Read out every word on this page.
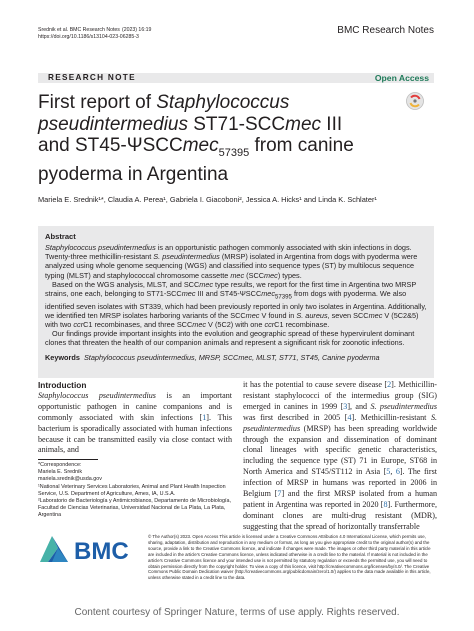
Srednik et al. BMC Research Notes
https://doi.org/10.1186/s13104-023-06285-3
(2023) 16:19	BMC Research Notes
RESEARCH NOTE	Open Access
First report of Staphylococcus
pseudintermedius ST71-SCCmec III
and ST45-ΨSCCmec$_{57395}$ from canine
pyoderma in Argentina
Mariela E. Srednik¹*, Claudia A. Perea¹, Gabriela I. Giacoboni², Jessica A. Hicks¹ and Linda K. Schlater¹
Abstract

Staphylococcus pseudintermedius is an opportunistic pathogen commonly associated with skin infections in dogs. Twenty-three methicillin-resistant S. pseudintermedius (MRSP) isolated in Argentina from dogs with pyoderma were analyzed using whole genome sequencing (WGS) and classified into sequence types (ST) by multilocus sequence typing (MLST) and staphylococcal chromosome cassette mec (SCCmec) types.

Based on the WGS analysis, MLST, and SCCmec type results, we report for the first time in Argentina two MRSP strains, one each, belonging to ST71-SCCmec III and ST45-ΨSCCmec$_{57395}$ from dogs with pyoderma. We also identified seven isolates with ST339, which had been previously reported in only two isolates in Argentina. Additionally, we identified ten MRSP isolates harboring variants of the SCCmec V found in S. aureus, seven SCCmec V (5C2&5) with two ccrC1 recombinases, and three SCCmec V (5C2) with one ccrC1 recombinase.

Our findings provide important insights into the evolution and geographic spread of these hypervirulent dominant clones that threaten the health of our companion animals and represent a significant risk for zoonotic infections.

Keywords Staphylococcus pseudintermedius, MRSP, SCCmec, MLST, ST71, ST45, Canine pyoderma
Introduction

Staphylococcus pseudintermedius is an important opportunistic pathogen in canine companions and is commonly associated with skin infections [1]. This bacterium is sporadically associated with human infections because it can be transmitted easily via close contact with animals, and

it has the potential to cause severe disease [2]. Methicillin-resistant staphylococci of the intermedius group (SIG) emerged in canines in 1999 [3], and S. pseudintermedius was first described in 2005 [4]. Methicillin-resistant S. pseudintermedius (MRSP) has been spreading worldwide through the expansion and dissemination of dominant clonal lineages with specific genetic characteristics, including the sequence type (ST) 71 in Europe, ST68 in North America and ST45/ST112 in Asia [5, 6]. The first infection of MRSP in humans was reported in 2006 in Belgium [7] and the first MRSP isolated from a human patient in Argentina was reported in 2020 [8]. Furthermore, dominant clones are multi-drug resistant (MDR), suggesting that the spread of horizontally transferrable

*Correspondence:
Mariela E. Srednik
mariela.srednik@usda.gov
¹National Veterinary Services Laboratories, Animal and Plant Health Inspection Service, U.S. Department of Agriculture, Ames, IA, U.S.A.
²Laboratorio de Bacteriología y Antimicrobianos, Departamento de Microbiología, Facultad de Ciencias Veterinarias, Universidad Nacional de La Plata, La Plata, Argentina
BMC
© The Author(s) 2023. Open Access This article is licensed under a Creative Commons Attribution 4.0 International License, which permits use, sharing, adaptation, distribution and reproduction in any medium or format, as long as you give appropriate credit to the original author(s) and the source, provide a link to the Creative Commons licence, and indicate if changes were made. The images or other third party material in this article are included in the article's Creative Commons licence, unless indicated otherwise in a credit line to the material. If material is not included in the article's Creative Commons licence and your intended use is not permitted by statutory regulation or exceeds the permitted use, you will need to obtain permission directly from the copyright holder. To view a copy of this licence, visit http://creativecommons.org/licenses/by/4.0/. The Creative Commons Public Domain Dedication waiver (http://creativecommons.org/publicdomain/zero/1.0/) applies to the data made available in this article, unless otherwise stated in a credit line to the data.
Content courtesy of Springer Nature, terms of use apply. Rights reserved.
